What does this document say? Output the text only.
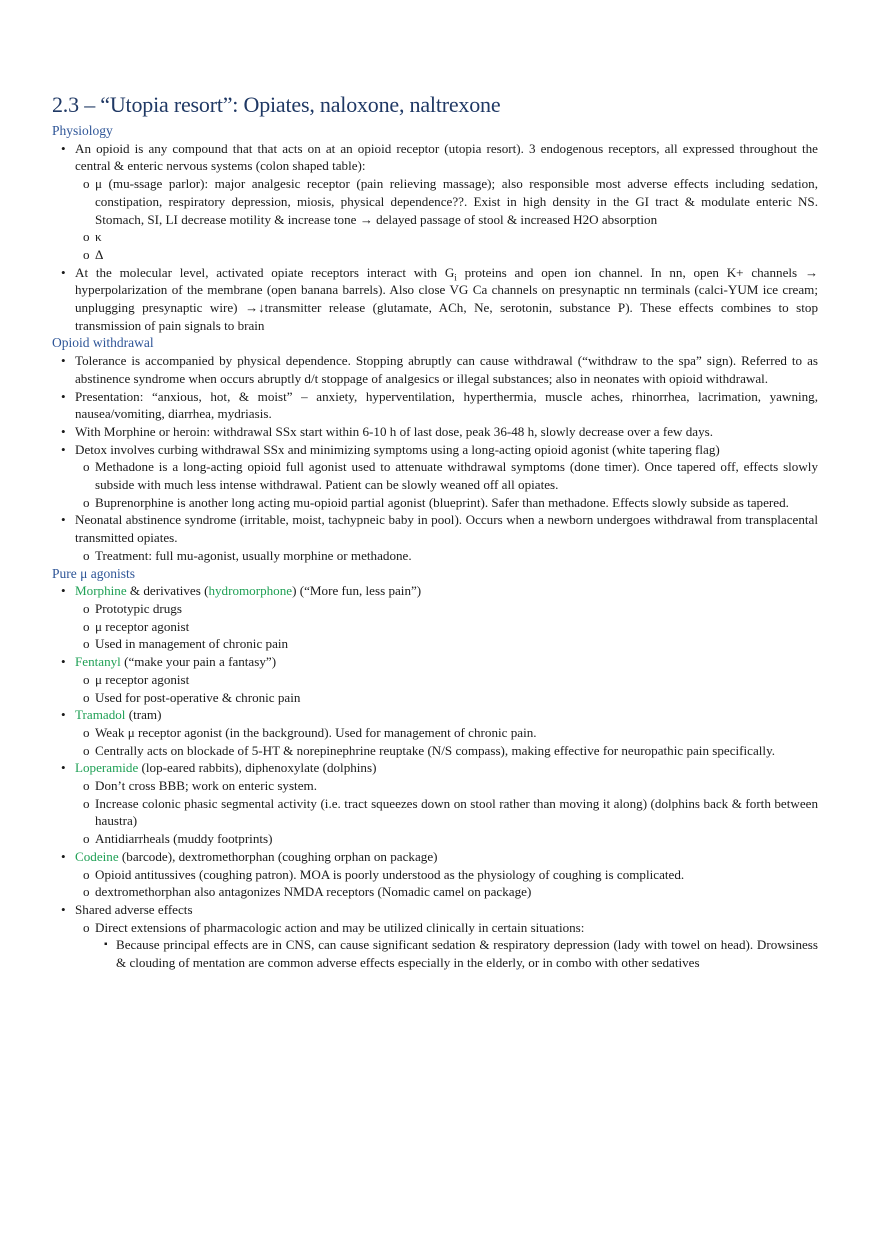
2.3 – “Utopia resort”: Opiates, naloxone, naltrexone
Physiology
• An opioid is any compound that that acts on at an opioid receptor (utopia resort). 3 endogenous receptors, all expressed throughout the central & enteric nervous systems (colon shaped table):
o μ (mu-ssage parlor): major analgesic receptor (pain relieving massage); also responsible most adverse effects including sedation, constipation, respiratory depression, miosis, physical dependence??. Exist in high density in the GI tract & modulate enteric NS. Stomach, SI, LI decrease motility & increase tone → delayed passage of stool & increased H2O absorption
o κ
o Δ
• At the molecular level, activated opiate receptors interact with $G_i$ proteins and open ion channel. In nn, open K+ channels → hyperpolarization of the membrane (open banana barrels). Also close VG Ca channels on presynaptic nn terminals (calci-YUM ice cream; unplugging presynaptic wire) →↓transmitter release (glutamate, ACh, Ne, serotonin, substance P). These effects combines to stop transmission of pain signals to brain
Opioid withdrawal
• Tolerance is accompanied by physical dependence. Stopping abruptly can cause withdrawal (“withdraw to the spa” sign). Referred to as abstinence syndrome when occurs abruptly d/t stoppage of analgesics or illegal substances; also in neonates with opioid withdrawal.
• Presentation: “anxious, hot, & moist” – anxiety, hyperventilation, hyperthermia, muscle aches, rhinorrhea, lacrimation, yawning, nausea/vomiting, diarrhea, mydriasis.
• With Morphine or heroin: withdrawal SSx start within 6-10 h of last dose, peak 36-48 h, slowly decrease over a few days.
• Detox involves curbing withdrawal SSx and minimizing symptoms using a long-acting opioid agonist (white tapering flag)
o Methadone is a long-acting opioid full agonist used to attenuate withdrawal symptoms (done timer). Once tapered off, effects slowly subside with much less intense withdrawal. Patient can be slowly weaned off all opiates.
o Buprenorphine is another long acting mu-opioid partial agonist (blueprint). Safer than methadone. Effects slowly subside as tapered.
• Neonatal abstinence syndrome (irritable, moist, tachypneic baby in pool). Occurs when a newborn undergoes withdrawal from transplacental transmitted opiates.
o Treatment: full mu-agonist, usually morphine or methadone.
Pure μ agonists
• Morphine & derivatives (hydromorphone) (“More fun, less pain”)
o Prototypic drugs
o μ receptor agonist
o Used in management of chronic pain
• Fentanyl (“make your pain a fantasy”)
o μ receptor agonist
o Used for post-operative & chronic pain
• Tramadol (tram)
o Weak μ receptor agonist (in the background). Used for management of chronic pain.
o Centrally acts on blockade of 5-HT & norepinephrine reuptake (N/S compass), making effective for neuropathic pain specifically.
• Loperamide (lop-eared rabbits), diphenoxylate (dolphins)
o Don’t cross BBB; work on enteric system.
o Increase colonic phasic segmental activity (i.e. tract squeezes down on stool rather than moving it along) (dolphins back & forth between haustra)
o Antidiarrheals (muddy footprints)
• Codeine (barcode), dextromethorphan (coughing orphan on package)
o Opioid antitussives (coughing patron). MOA is poorly understood as the physiology of coughing is complicated.
o dextromethorphan also antagonizes NMDA receptors (Nomadic camel on package)
• Shared adverse effects
o Direct extensions of pharmacologic action and may be utilized clinically in certain situations:
▪ Because principal effects are in CNS, can cause significant sedation & respiratory depression (lady with towel on head). Drowsiness & clouding of mentation are common adverse effects especially in the elderly, or in combo with other sedatives
